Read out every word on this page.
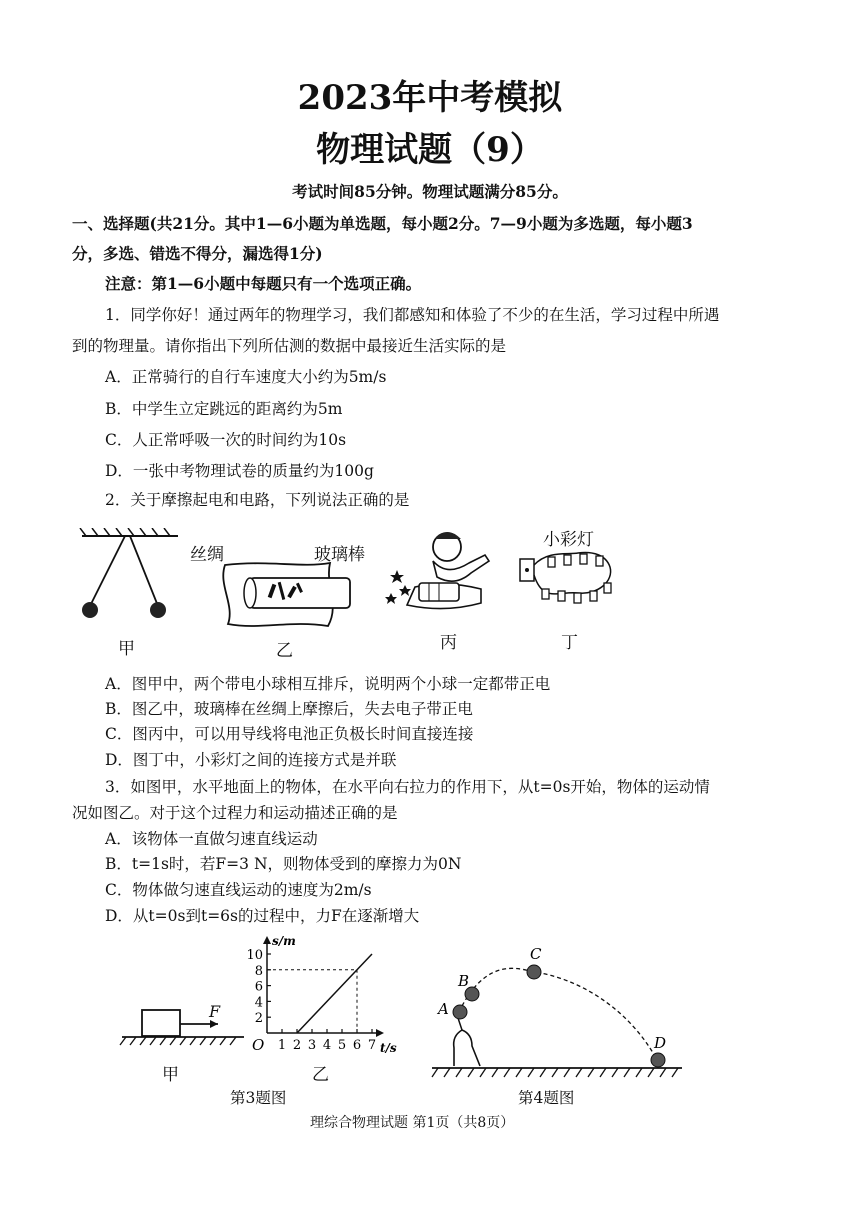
2023年中考模拟
物理试题（9）
考试时间85分钟。物理试题满分85分。
一、选择题(共21分。其中1—6小题为单选题，每小题2分。7—9小题为多选题，每小题3
分，多选、错选不得分，漏选得1分)
注意：第1—6小题中每题只有一个选项正确。
1．同学你好！通过两年的物理学习，我们都感知和体验了不少的在生活，学习过程中所遇
到的物理量。请你指出下列所估测的数据中最接近生活实际的是
A．正常骑行的自行车速度大小约为5m/s
B．中学生立定跳远的距离约为5m
C．人正常呼吸一次的时间约为10s
D．一张中考物理试卷的质量约为100g
2．关于摩擦起电和电路，下列说法正确的是
甲
丝绸	玻璃棒
乙	丙
小彩灯
丁
A．图甲中，两个带电小球相互排斥，说明两个小球一定都带正电
B．图乙中，玻璃棒在丝绸上摩擦后，失去电子带正电
C．图丙中，可以用导线将电池正负极长时间直接连接
D．图丁中，小彩灯之间的连接方式是并联
3．如图甲，水平地面上的物体，在水平向右拉力的作用下，从t=0s开始，物体的运动情
况如图乙。对于这个过程力和运动描述正确的是
A．该物体一直做匀速直线运动
B．t=1s时，若F=3 N，则物体受到的摩擦力为0N
C．物体做匀速直线运动的速度为2m/s
D．从t=0s到t=6s的过程中，力F在逐渐增大
F
甲
s/m
t/s
O
2
4
6
8
10
1 2 3 4 5 6 7
乙
A
B
C
D
第3题图	第4题图
理综合物理试题 第1页（共8页）
